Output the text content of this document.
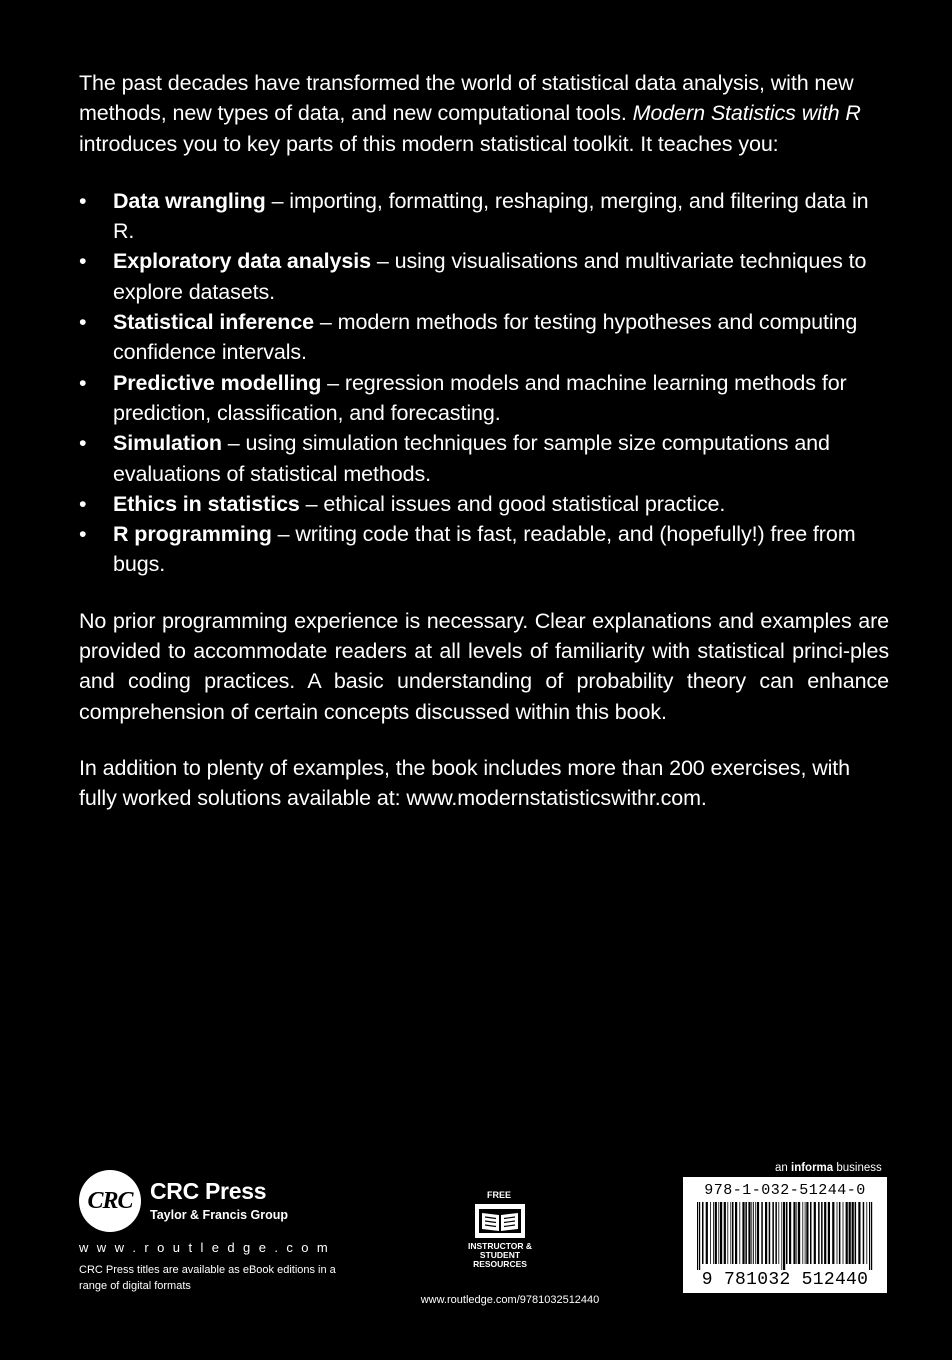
The past decades have transformed the world of statistical data analysis, with new methods, new types of data, and new computational tools. Modern Statistics with R introduces you to key parts of this modern statistical toolkit. It teaches you:

• Data wrangling – importing, formatting, reshaping, merging, and filtering data in R.
• Exploratory data analysis – using visualisations and multivariate techniques to explore datasets.
• Statistical inference – modern methods for testing hypotheses and computing confidence intervals.
• Predictive modelling – regression models and machine learning methods for prediction, classification, and forecasting.
• Simulation – using simulation techniques for sample size computations and evaluations of statistical methods.
• Ethics in statistics – ethical issues and good statistical practice.
• R programming – writing code that is fast, readable, and (hopefully!) free from bugs.

No prior programming experience is necessary. Clear explanations and examples are provided to accommodate readers at all levels of familiarity with statistical princi-ples and coding practices. A basic understanding of probability theory can enhance comprehension of certain concepts discussed within this book.

In addition to plenty of examples, the book includes more than 200 exercises, with fully worked solutions available at: www.modernstatisticswithr.com.

CRC CRC Press
Taylor & Francis Group
w w w . r o u t l e d g e . c o m
CRC Press titles are available as eBook editions in a range of digital formats
FREE
INSTRUCTOR & STUDENT RESOURCES
www.routledge.com/9781032512440
an informa business
978-1-032-51244-0
9 781032 512440
